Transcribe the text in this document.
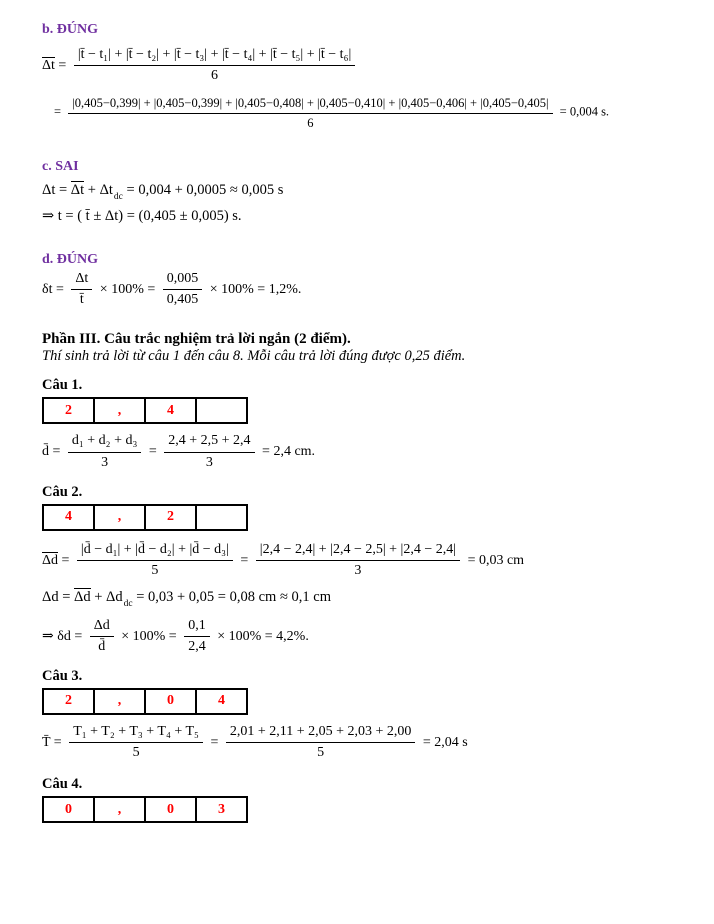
b. ĐÚNG
Δt =
|t̄ − t₁| + |t̄ − t₂| + |t̄ − t₃| + |t̄ − t₄| + |t̄ − t₅| + |t̄ − t₆|
6
=
|0,405−0,399| + |0,405−0,399| + |0,405−0,408| + |0,405−0,410| + |0,405−0,406| + |0,405−0,405|
6
= 0,004 s.
c. SAI
$\Delta t = \Delta t + \Delta t_{dc} = 0,004 + 0,0005 \approx 0,005$ s
⇒ t = ( t̄ ± Δt) = (0,405 ± 0,005) s.
d. ĐÚNG
$\delta t = \frac{\Delta t}{t̄} \times 100\% = \frac{0,005}{0,405} \times 100\% = 1,2\%$.
Phần III. Câu trắc nghiệm trả lời ngắn (2 điểm).
Thí sinh trả lời từ câu 1 đến câu 8. Mỗi câu trả lời đúng được 0,25 điểm.
Câu 1.
2	,	4
d̄ = $\frac{\text{d₁ + d₂ + d₃}}{3} = \frac{2,4 + 2,5 + 2,4}{3} = 2,4$ cm.
Câu 2.
4	,	2
$\Delta d = \frac{\text{|d̄ − d₁| + |d̄ − d₂| + |d̄ − d₃|}}{5} = \frac{|2,4 - 2,4| + |2,4 - 2,5| + |2,4 - 2,4|}{3} = 0,03$ cm
$\Delta d = \Delta d + \Delta d_{dc} = 0,03 + 0,05 = 0,08$ cm ≈ 0,1 cm
⇒ $\delta d = \frac{\Delta d}{d̄} \times 100\% = \frac{0,1}{2,4} \times 100\% = 4,2\%$.
Câu 3.
2	,	0	4
T̄ = $\frac{\text{T₁ + T₂ + T₃ + T₄ + T₅}}{5} = \frac{2,01 + 2,11 + 2,05 + 2,03 + 2,00}{5} = 2,04$ s
Câu 4.
0	,	0	3
